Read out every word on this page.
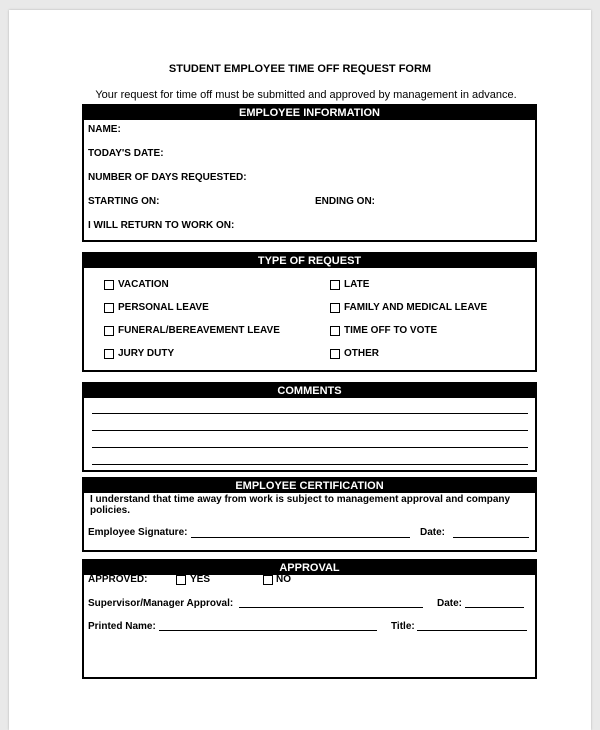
STUDENT EMPLOYEE TIME OFF REQUEST FORM
Your request for time off must be submitted and approved by management in advance.
EMPLOYEE INFORMATION
NAME:
TODAY'S DATE:
NUMBER OF DAYS REQUESTED:
STARTING ON:	ENDING ON:
I WILL RETURN TO WORK ON:
TYPE OF REQUEST
VACATION	LATE
PERSONAL LEAVE	FAMILY AND MEDICAL LEAVE
FUNERAL/BEREAVEMENT LEAVE	TIME OFF TO VOTE
JURY DUTY	OTHER
COMMENTS
EMPLOYEE CERTIFICATION
I understand that time away from work is subject to management approval and company policies.
Employee Signature:	Date:
APPROVAL
APPROVED:	YES	NO
Supervisor/Manager Approval:	Date:
Printed Name:	Title:
